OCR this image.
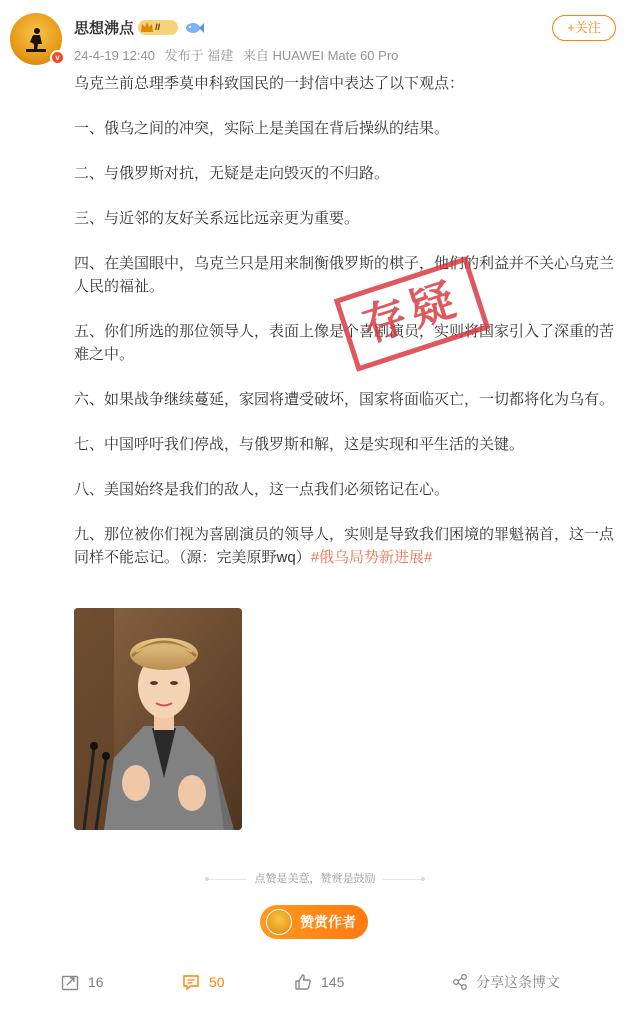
v
思想沸点	II
24-4-19 12:40 发布于 福建 来自 HUAWEI Mate 60 Pro
+关注

乌克兰前总理季莫申科致国民的一封信中表达了以下观点：

一、俄乌之间的冲突，实际上是美国在背后操纵的结果。

二、与俄罗斯对抗，无疑是走向毁灭的不归路。

三、与近邻的友好关系远比远亲更为重要。

四、在美国眼中，乌克兰只是用来制衡俄罗斯的棋子，他们的利益并不关心乌克兰人民的福祉。

五、你们所选的那位领导人，表面上像是个喜剧演员，实则将国家引入了深重的苦难之中。

六、如果战争继续蔓延，家园将遭受破坏，国家将面临灭亡，一切都将化为乌有。

七、中国呼吁我们停战，与俄罗斯和解，这是实现和平生活的关键。

八、美国始终是我们的敌人，这一点我们必须铭记在心。

九、那位被你们视为喜剧演员的领导人，实则是导致我们困境的罪魁祸首，这一点同样不能忘记。（源：完美原野wq）#俄乌局势新进展#

存疑
点赞是美意，赞赏是鼓励
赞赏作者
16	50	145	分享这条博文
